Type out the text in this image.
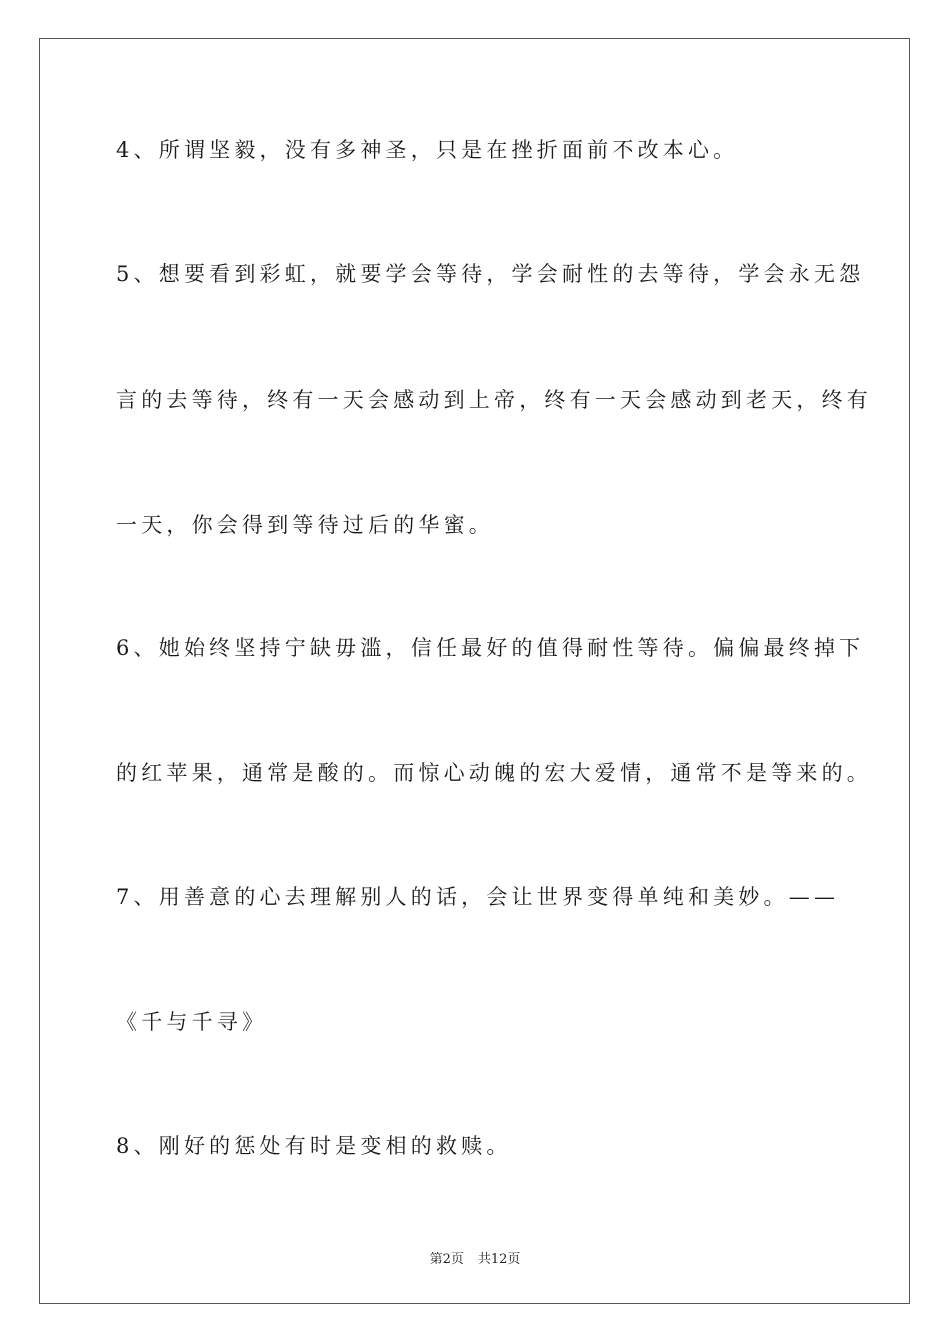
4、所谓坚毅，没有多神圣，只是在挫折面前不改本心。
5、想要看到彩虹，就要学会等待，学会耐性的去等待，学会永无怨
言的去等待，终有一天会感动到上帝，终有一天会感动到老天，终有
一天，你会得到等待过后的华蜜。
6、她始终坚持宁缺毋滥，信任最好的值得耐性等待。偏偏最终掉下
的红苹果，通常是酸的。而惊心动魄的宏大爱情，通常不是等来的。
7、用善意的心去理解别人的话，会让世界变得单纯和美妙。——
《千与千寻》
8、刚好的惩处有时是变相的救赎。
第2页 共12页
